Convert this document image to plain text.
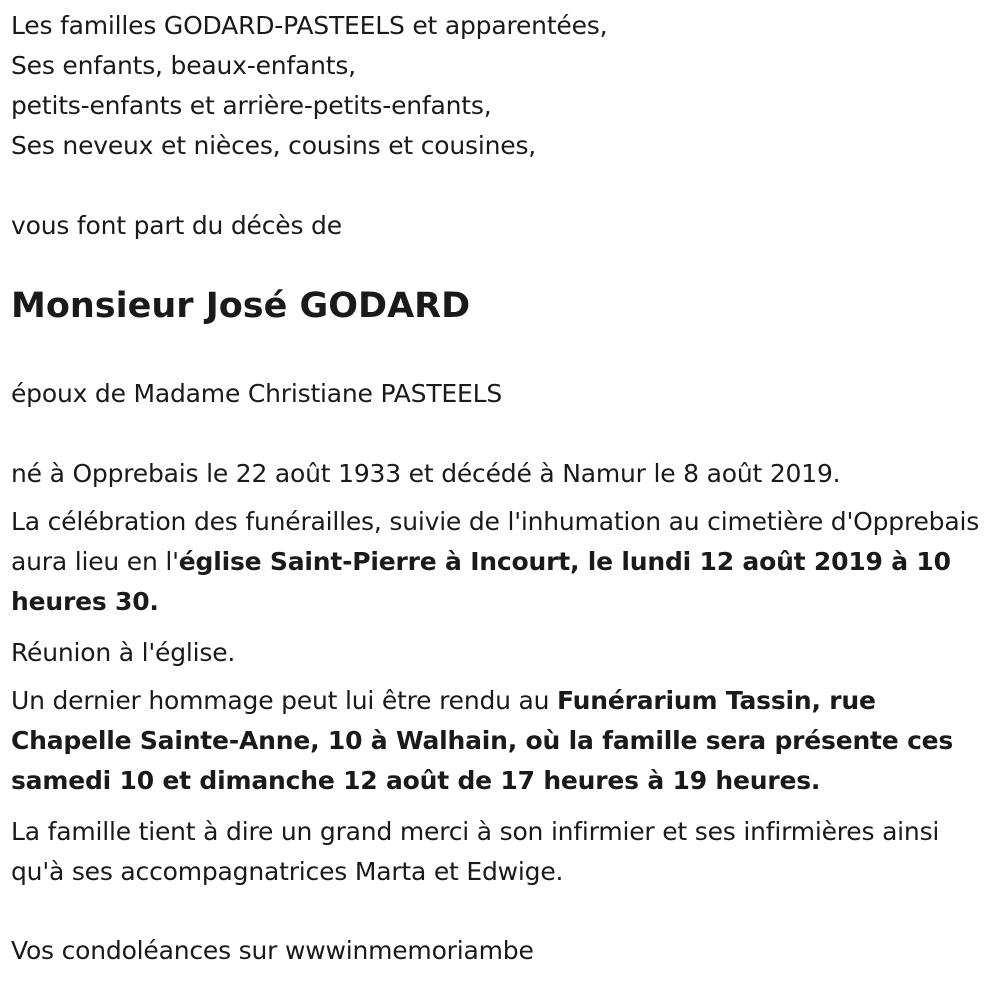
Les familles GODARD-PASTEELS et apparentées,
Ses enfants, beaux-enfants,
petits-enfants et arrière-petits-enfants,
Ses neveux et nièces, cousins et cousines,
vous font part du décès de
Monsieur José GODARD
époux de Madame Christiane PASTEELS
né à Opprebais le 22 août 1933 et décédé à Namur le 8 août 2019.
La célébration des funérailles, suivie de l'inhumation au cimetière d'Opprebais aura lieu en l'église Saint-Pierre à Incourt, le lundi 12 août 2019 à 10 heures 30.
Réunion à l'église.
Un dernier hommage peut lui être rendu au Funérarium Tassin, rue Chapelle Sainte-Anne, 10 à Walhain, où la famille sera présente ces samedi 10 et dimanche 12 août de 17 heures à 19 heures.
La famille tient à dire un grand merci à son infirmier et ses infirmières ainsi qu'à ses accompagnatrices Marta et Edwige.
Vos condoléances sur wwwinmemoriambe
